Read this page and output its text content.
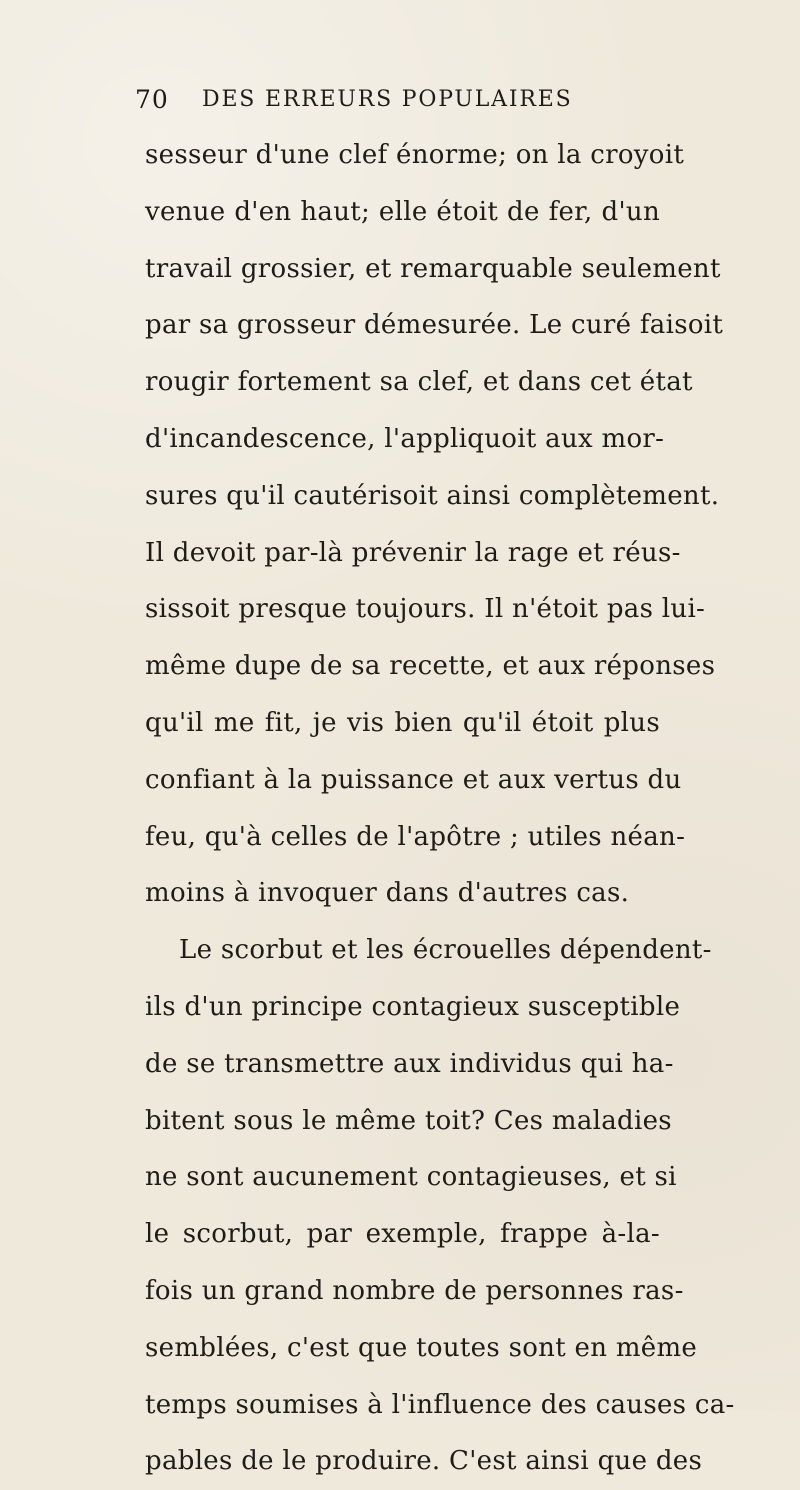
70 DES ERREURS POPULAIRES
sesseur d'une clef énorme; on la croyoit
venue d'en haut; elle étoit de fer, d'un
travail grossier, et remarquable seulement
par sa grosseur démesurée. Le curé faisoit
rougir fortement sa clef, et dans cet état
d'incandescence, l'appliquoit aux mor-
sures qu'il cautérisoit ainsi complètement.
Il devoit par-là prévenir la rage et réus-
sissoit presque toujours. Il n'étoit pas lui-
même dupe de sa recette, et aux réponses
qu'il me fit, je vis bien qu'il étoit plus
confiant à la puissance et aux vertus du
feu, qu'à celles de l'apôtre ; utiles néan-
moins à invoquer dans d'autres cas.
Le scorbut et les écrouelles dépendent-
ils d'un principe contagieux susceptible
de se transmettre aux individus qui ha-
bitent sous le même toit? Ces maladies
ne sont aucunement contagieuses, et si
le scorbut, par exemple, frappe à-la-
fois un grand nombre de personnes ras-
semblées, c'est que toutes sont en même
temps soumises à l'influence des causes ca-
pables de le produire. C'est ainsi que des
